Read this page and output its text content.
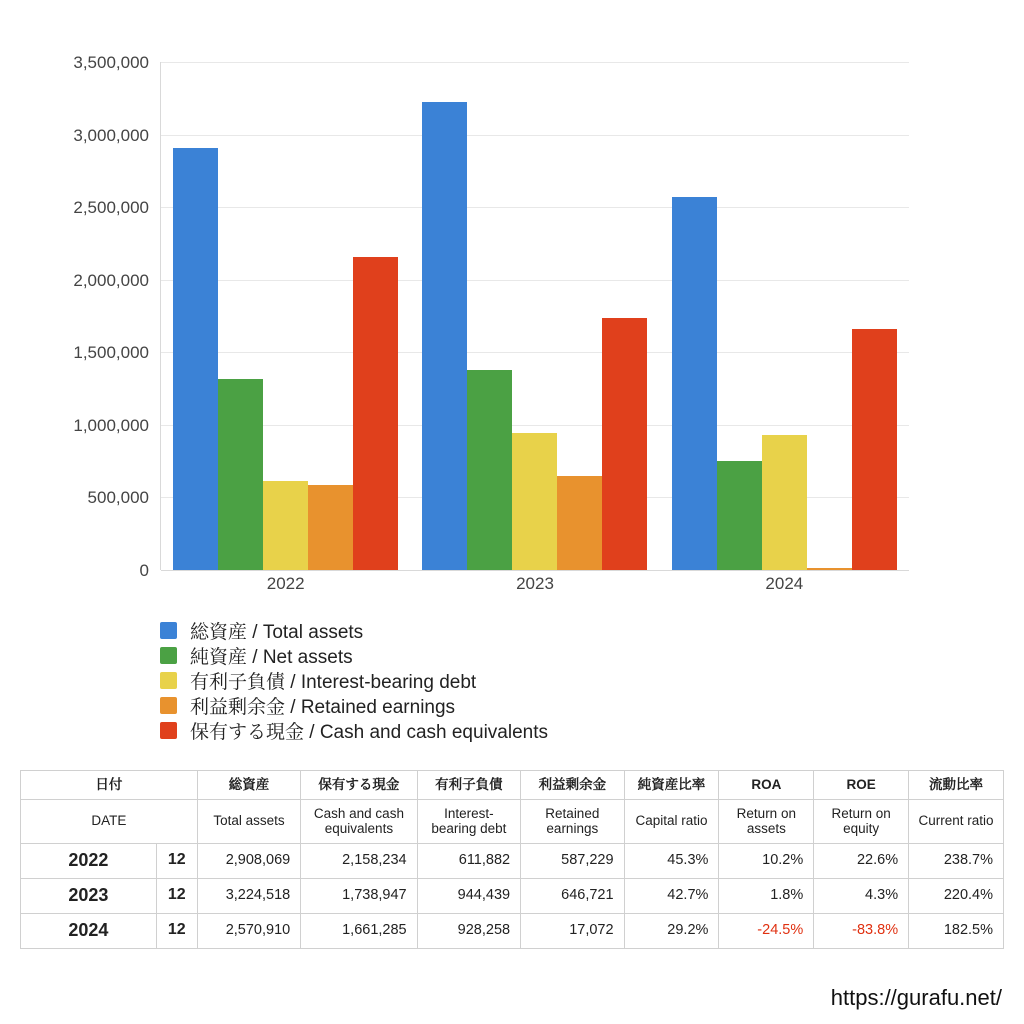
0
500,000
1,000,000
1,500,000
2,000,000
2,500,000
3,000,000
3,500,000
2022	2023	2024
総資産 / Total assets
純資産 / Net assets
有利子負債 / Interest-bearing debt
利益剰余金 / Retained earnings
保有する現金 / Cash and cash equivalents
日付		総資産	保有する現金	有利子負債	利益剰余金	純資産比率	ROA	ROE	流動比率
DATE		Total assets	Cash and cash equivalents	Interest-bearing debt	Retained earnings	Capital ratio	Return on assets	Return on equity	Current ratio
2022	12	2,908,069	2,158,234	611,882	587,229	45.3%	10.2%	22.6%	238.7%
2023	12	3,224,518	1,738,947	944,439	646,721	42.7%	1.8%	4.3%	220.4%
2024	12	2,570,910	1,661,285	928,258	17,072	29.2%	-24.5%	-83.8%	182.5%
https://gurafu.net/
